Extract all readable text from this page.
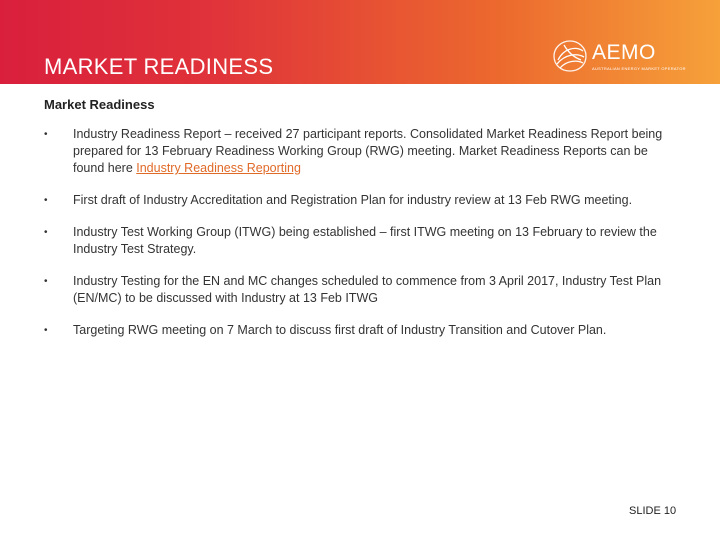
MARKET READINESS
AEMO
AUSTRALIAN ENERGY MARKET OPERATOR
Market Readiness
• Industry Readiness Report – received 27 participant reports. Consolidated Market Readiness Report being prepared for 13 February Readiness Working Group (RWG) meeting. Market Readiness Reports can be found here Industry Readiness Reporting
• First draft of Industry Accreditation and Registration Plan for industry review at 13 Feb RWG meeting.
• Industry Test Working Group (ITWG) being established – first ITWG meeting on 13 February to review the Industry Test Strategy.
• Industry Testing for the EN and MC changes scheduled to commence from 3 April 2017, Industry Test Plan (EN/MC) to be discussed with Industry at 13 Feb ITWG
• Targeting RWG meeting on 7 March to discuss first draft of Industry Transition and Cutover Plan.
SLIDE 10
